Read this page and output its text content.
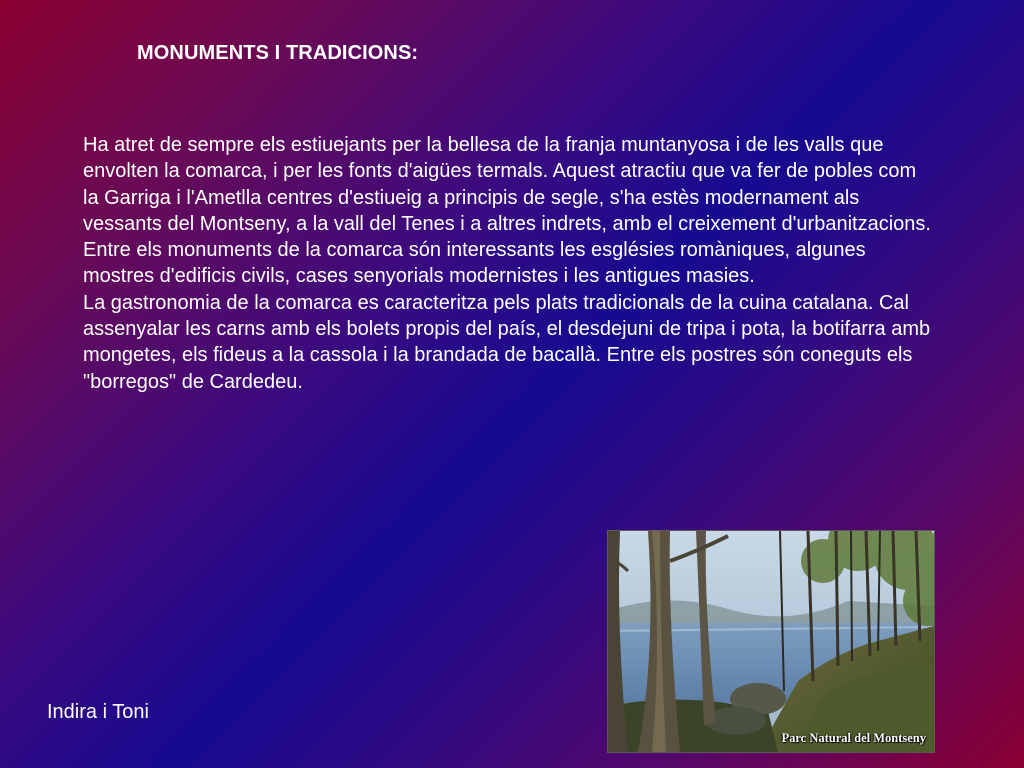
MONUMENTS I TRADICIONS:

Ha atret de sempre els estiuejants per la bellesa de la franja muntanyosa i de les valls que envolten la comarca, i per les fonts d'aigües termals. Aquest atractiu que va fer de pobles com la Garriga i l'Ametlla centres d'estiueig a principis de segle, s'ha estès modernament als vessants del Montseny, a la vall del Tenes i a altres indrets, amb el creixement d'urbanitzacions.

Entre els monuments de la comarca són interessants les esglésies romàniques, algunes mostres d'edificis civils, cases senyorials modernistes i les antigues masies.

La gastronomia de la comarca es caracteritza pels plats tradicionals de la cuina catalana. Cal assenyalar les carns amb els bolets propis del país, el desdejuni de tripa i pota, la botifarra amb mongetes, els fideus a la cassola i la brandada de bacallà. Entre els postres són coneguts els "borregos" de Cardedeu.

Indira i Toni
Parc Natural del Montseny
